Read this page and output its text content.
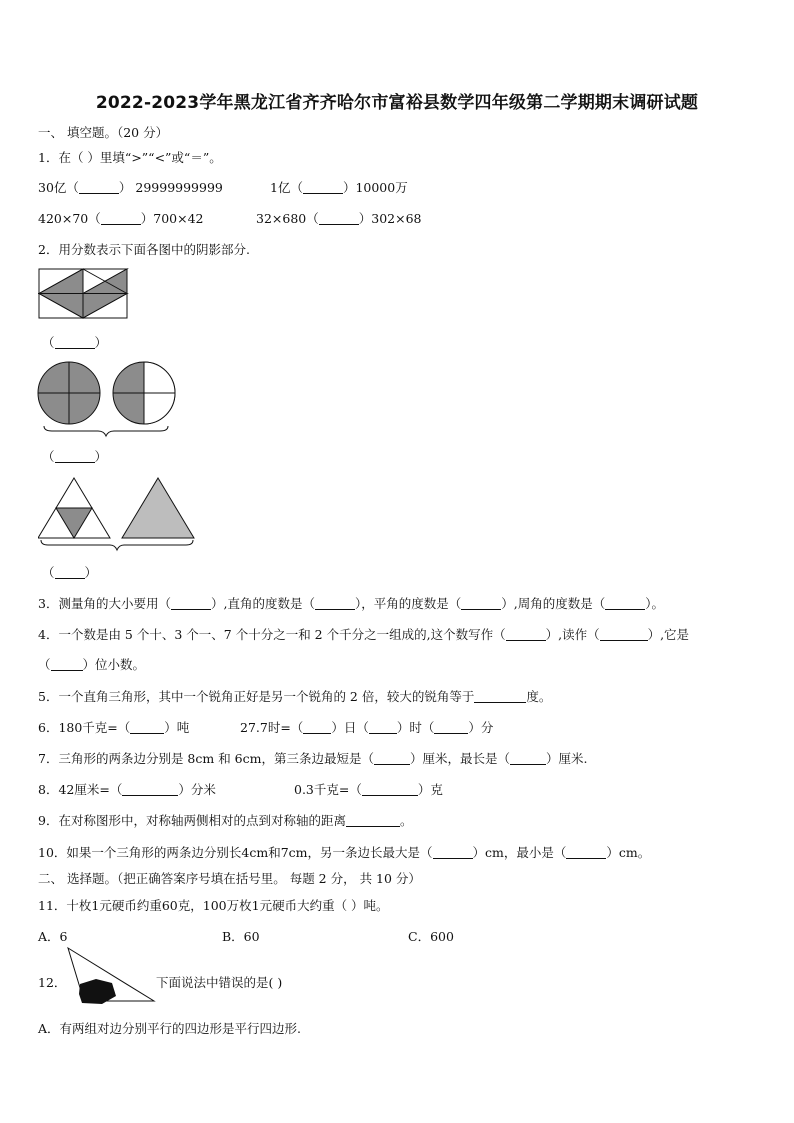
2022-2023学年黑龙江省齐齐哈尔市富裕县数学四年级第二学期期末调研试题
一、 填空题。（20 分）
1．在（ ）里填“>”“<”或“＝”。
30亿（	） 29999999999	1亿（	）10000万
420×70（	）700×42	32×680（	）302×68
2．用分数表示下面各图中的阴影部分.
（	）
（	）
（ ）
3．测量角的大小要用（	）,直角的度数是（	），平角的度数是（	）,周角的度数是（	）。
4．一个数是由 5 个十、3 个一、7 个十分之一和 2 个千分之一组成的,这个数写作（	）,读作（	）,它是
（	）位小数。
5．一个直角三角形，其中一个锐角正好是另一个锐角的 2 倍，较大的锐角等于	度。
6．180千克=（	）吨	27.7时=（ ）日（ ）时（	）分
7．三角形的两条边分别是 8cm 和 6cm，第三条边最短是（	）厘米，最长是（	）厘米.
8．42厘米=（	）分米	0.3千克=（	）克
9．在对称图形中，对称轴两侧相对的点到对称轴的距离	。
10．如果一个三角形的两条边分别长4cm和7cm，另一条边长最大是（	）cm，最小是（	）cm。
二、 选择题。（把正确答案序号填在括号里。 每题 2 分， 共 10 分）
11．十枚1元硬币约重60克，100万枚1元硬币大约重（ ）吨。
A．6	B．60	C．600
12．	下面说法中错误的是( )
A．有两组对边分别平行的四边形是平行四边形.
